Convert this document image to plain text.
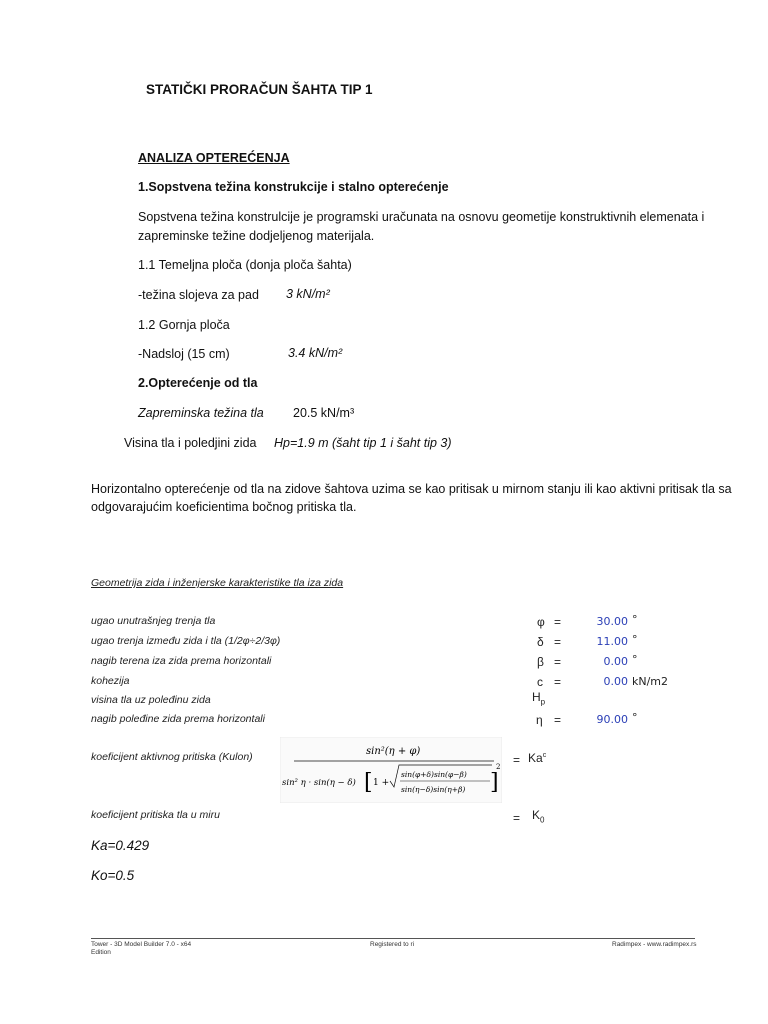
STATIČKI PRORAČUN ŠAHTA TIP 1
ANALIZA OPTEREĆENJA
1.Sopstvena težina konstrukcije i stalno opterećenje
Sopstvena težina konstrulcije je programski uračunata na osnovu geometije konstruktivnih elemenata i
zapreminske težine dodjeljenog materijala.
1.1 Temeljna ploča (donja ploča šahta)
-težina slojeva za pad 3 kN/m²
1.2 Gornja ploča
-Nadsloj (15 cm)	3.4 kN/m²
2.Opterećenje od tla
Zapreminska težina tla 20.5 kN/m³
Visina tla i poledjini zida Hp=1.9 m (šaht tip 1 i šaht tip 3)
Horizontalno opterećenje od tla na zidove šahtova uzima se kao pritisak u mirnom stanju ili kao aktivni pritisak tla sa
odgovarajućim koeficientima bočnog pritiska tla.
Geometrija zida i inženjerske karakteristike tla iza zida
ugao unutrašnjeg trenja tla	φ =	30.00 °
ugao trenja između zida i tla (1/2φ÷2/3φ)	δ =	11.00 °
nagib terena iza zida prema horizontali	β =	0.00 °
kohezija	c =	0.00 kN/m2
visina tla uz poleđinu zida	$H_p$
nagib poleđine zida prema horizontali	η =	90.00 °
koeficijent aktivnog pritiska (Kulon)	sin²(η + φ)
sin² η · sin(η − δ) [ 1 +
sin(φ+δ)sin(φ−β)
sin(η−δ)sin(η+β) ]
$2 = Ka^c$
koeficijent pritiska tla u miru	= $K_0$
Ka=0.429
Ko=0.5
Tower - 3D Model Builder 7.0 - x64 Edition
Registered to ri	Radimpex - www.radimpex.rs
